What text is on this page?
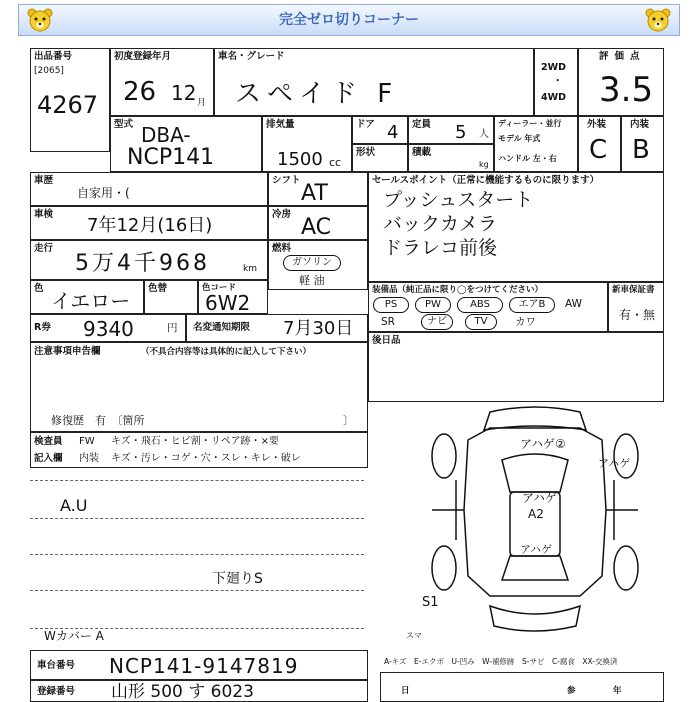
完全ゼロ切りコーナー
出品番号
[2065]
4267
初度登録年月
26 12 月
車名・グレード
スペイド F
2WD
・
4WD
評価点
3.5
型式 DBA-
NCP141
排気量
1500 cc
ドア 4 定員 5 人
形状	積載
kg
ディーラー・並行
モデル 年式
ハンドル 左・右
外装
C
内装
B
車歴
自家用・(
シフト
AT
セールスポイント（正常に機能するものに限ります）
プッシュスタート
バックカメラ
ドラレコ前後
車検
7年12月(16日)
冷房
AC
走行
5万4千968	km
燃料
ガソリン
軽 油
色
イエロー
色替	色コード
6W2
装備品（純正品に限り◯をつけてください）
PS	PW	ABS	エアB	AW
SR	ナビ	TV	カワ
新車保証書
有・無
R券 9340	円 名変通知期限 7月30日
後日品
注意事項申告欄	（不具合内容等は具体的に記入して下さい）
修復歴　有　〔箇所	〕
検査員
記入欄
FW キズ・飛石・ヒビ割・リペア跡・×要
内装 キズ・汚レ・コゲ・穴・スレ・キレ・破レ
A.U
下廻りS
Wカバー A
アハゲ②
アハゲ
アハゲ
A2
アハゲ
S1
スマ
車台番号 NCP141-9147819
登録番号 山形 500 す 6023
A-キズ　E-エクボ　U-凹み　W-補修跡　S-サビ　C-腐食　XX-交換済
日	参	年
